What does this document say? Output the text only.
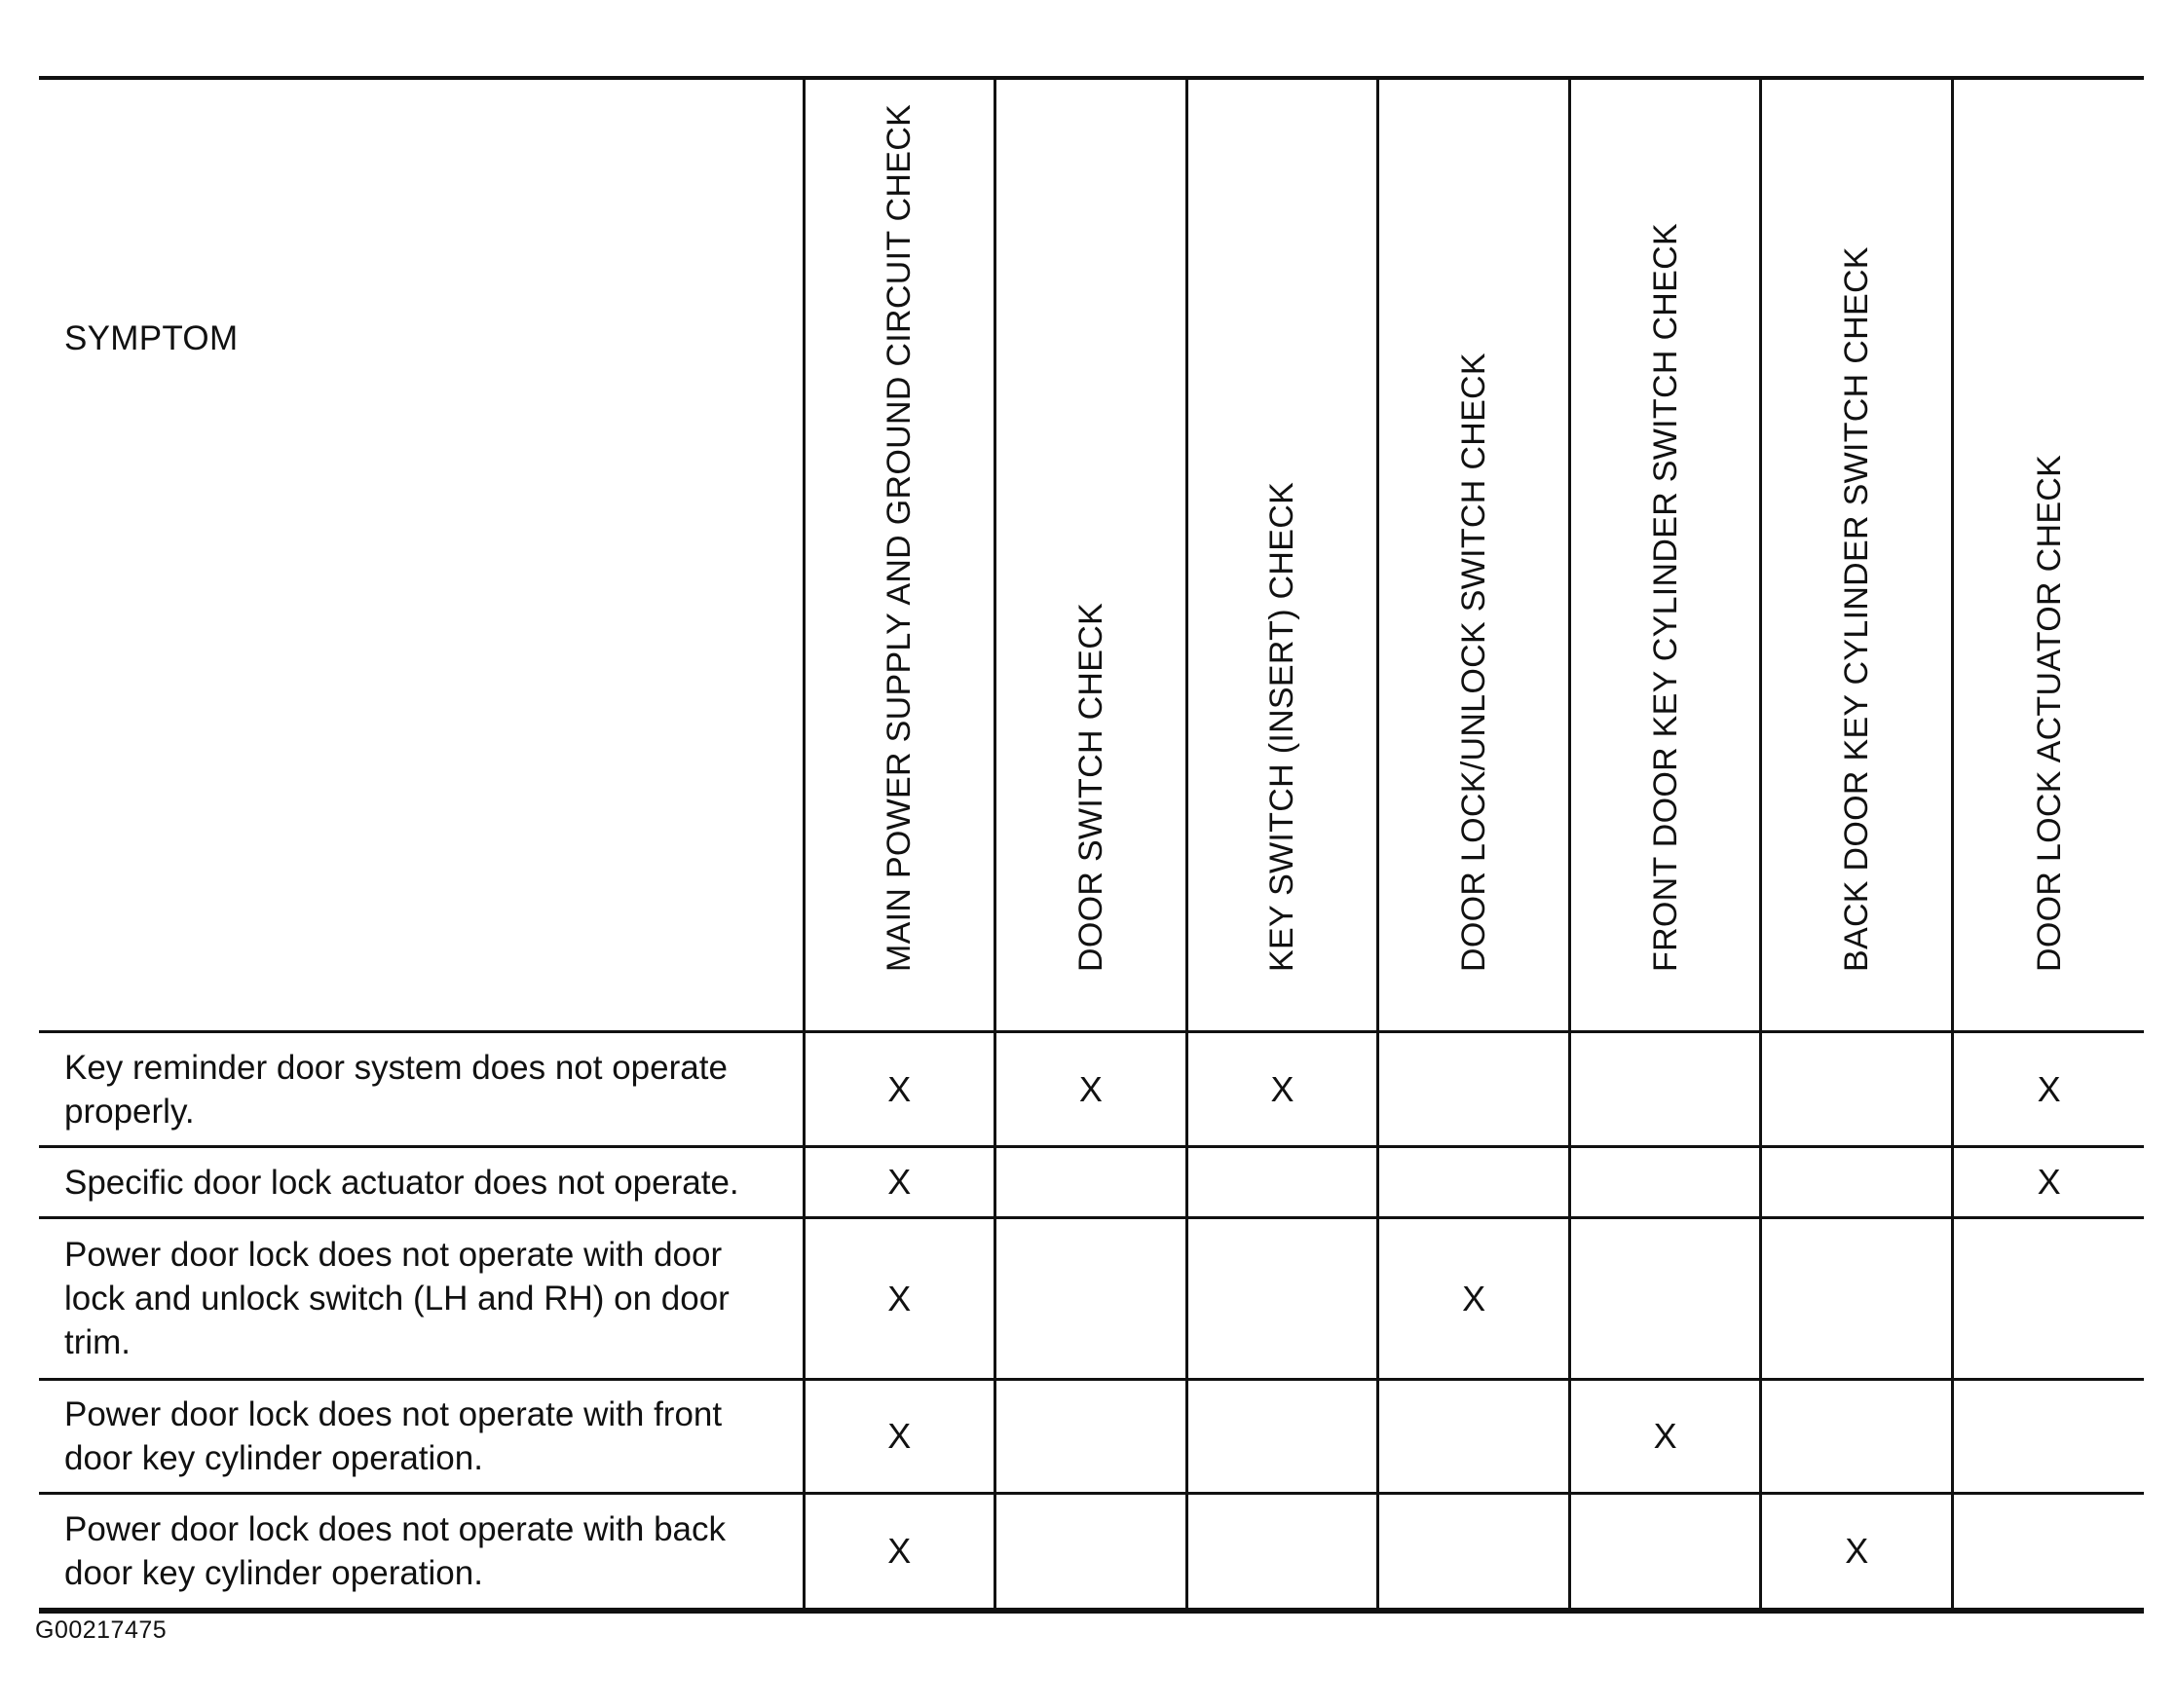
SYMPTOM	MAIN POWER SUPPLY AND GROUND CIRCUIT CHECK	DOOR SWITCH CHECK	KEY SWITCH (INSERT) CHECK	DOOR LOCK/UNLOCK SWITCH CHECK	FRONT DOOR KEY CYLINDER SWITCH CHECK	BACK DOOR KEY CYLINDER SWITCH CHECK	DOOR LOCK ACTUATOR CHECK

Key reminder door system does not operate properly.	X	X	X				X
Specific door lock actuator does not operate.	X						X
Power door lock does not operate with door lock and unlock switch (LH and RH) on door trim.	X			X			
Power door lock does not operate with front door key cylinder operation.	X				X		
Power door lock does not operate with back door key cylinder operation.	X					X	
G00217475
